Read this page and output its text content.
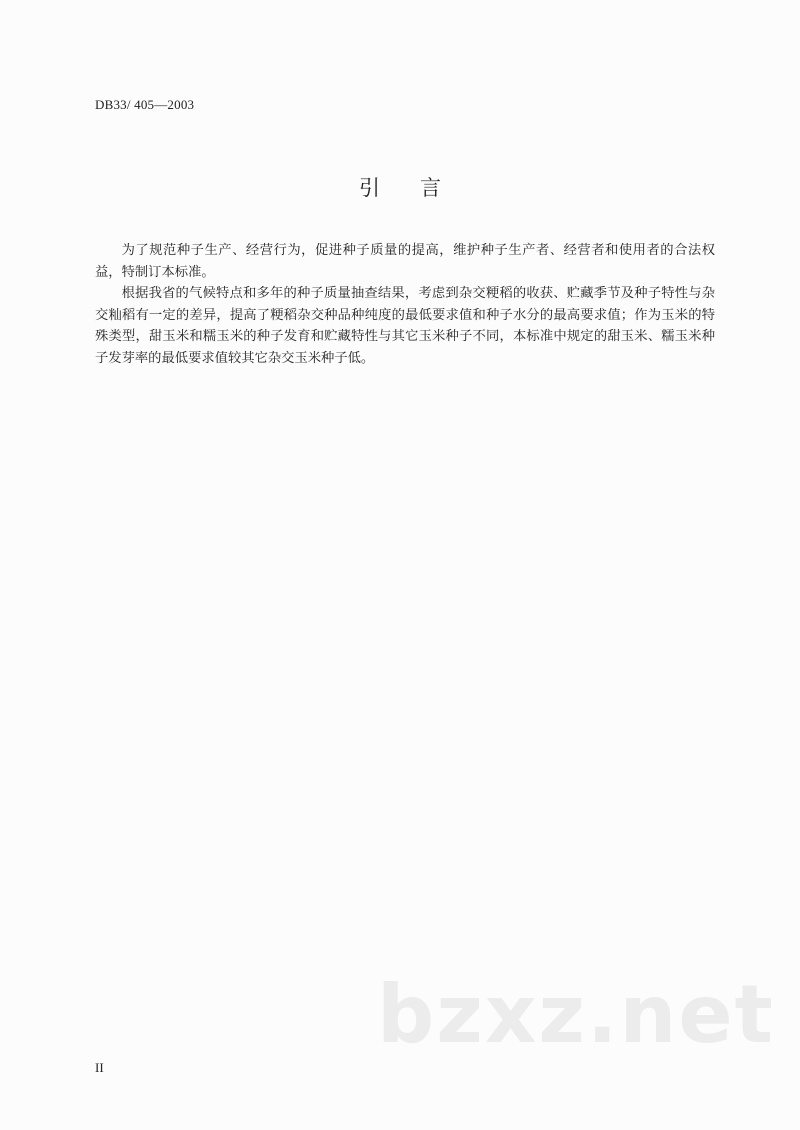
DB33/ 405—2003
引言

为了规范种子生产、经营行为，促进种子质量的提高，维护种子生产者、经营者和使用者的合法权益，特制订本标准。

根据我省的气候特点和多年的种子质量抽查结果，考虑到杂交粳稻的收获、贮藏季节及种子特性与杂交籼稻有一定的差异，提高了粳稻杂交种品种纯度的最低要求值和种子水分的最高要求值；作为玉米的特殊类型，甜玉米和糯玉米的种子发育和贮藏特性与其它玉米种子不同，本标准中规定的甜玉米、糯玉米种子发芽率的最低要求值较其它杂交玉米种子低。

bzxz.net
II
